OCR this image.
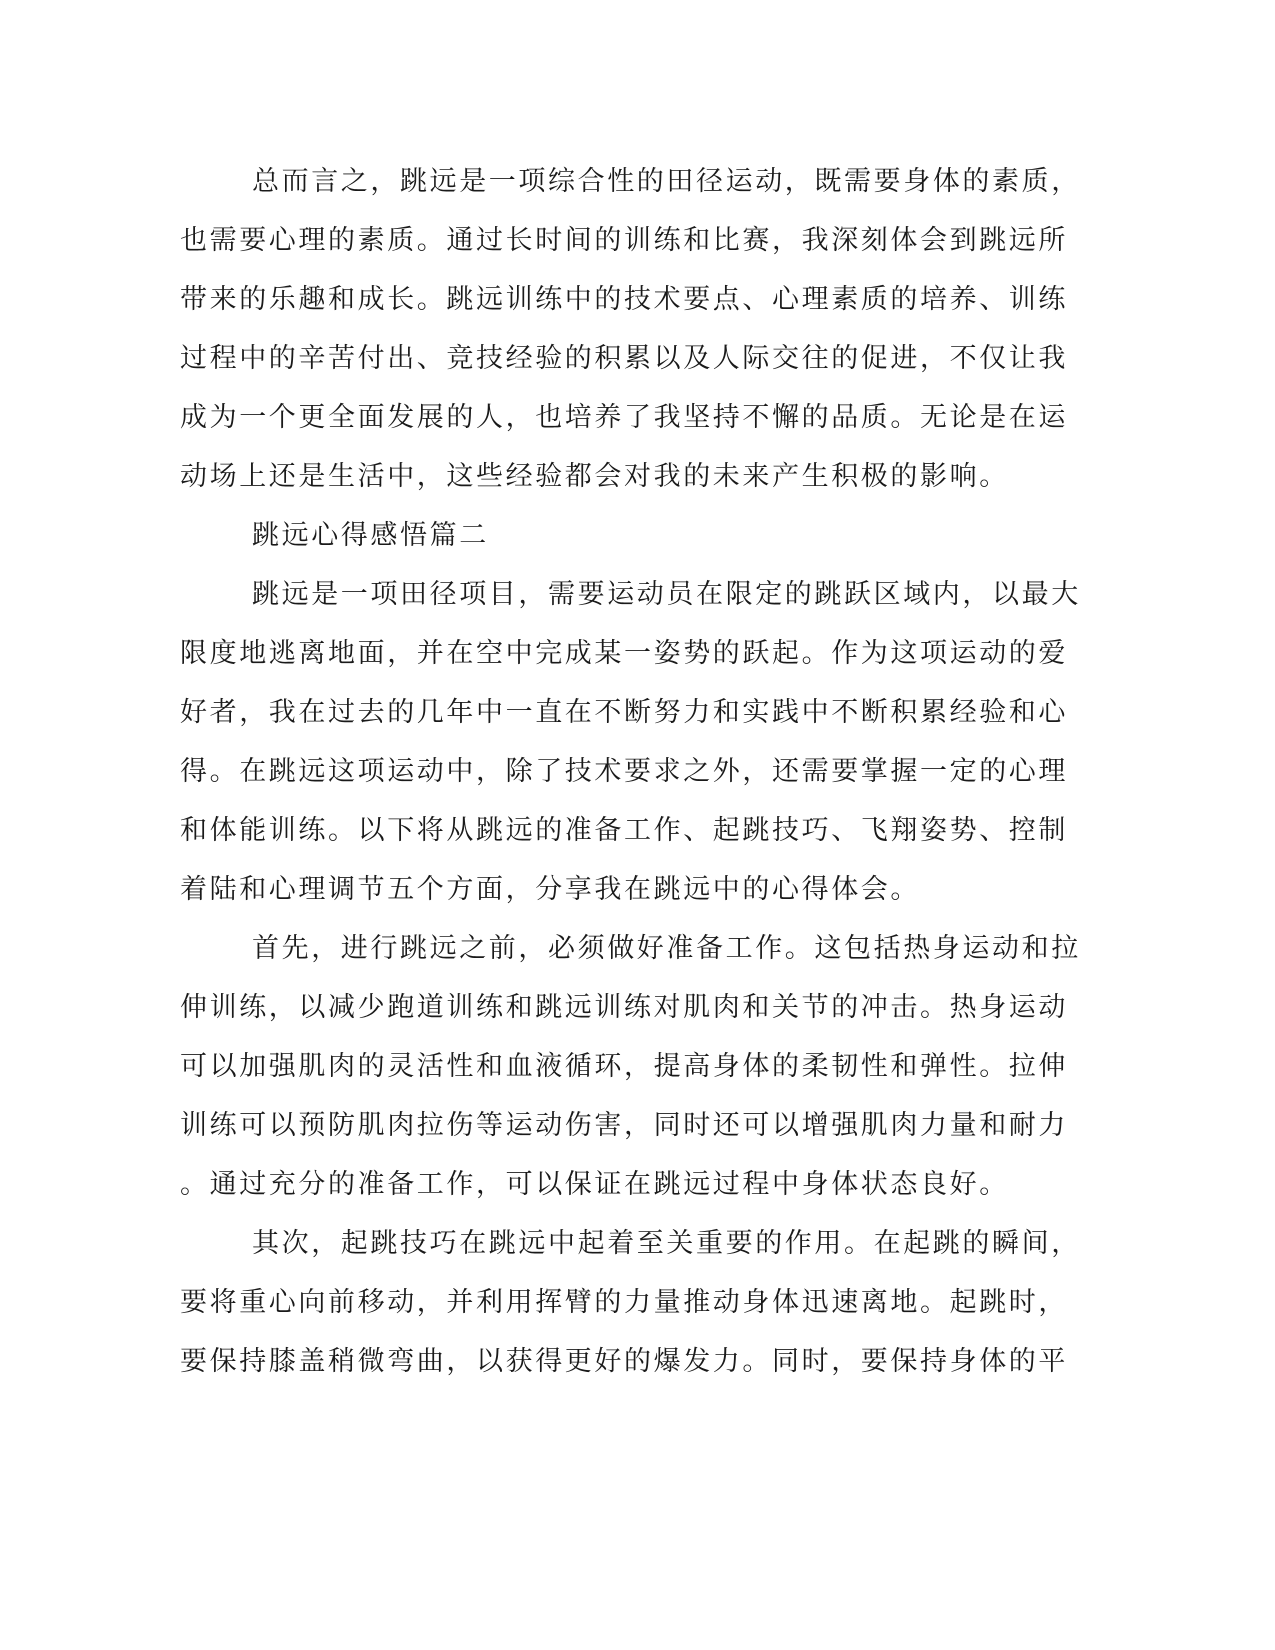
总而言之，跳远是一项综合性的田径运动，既需要身体的素质，
也需要心理的素质。通过长时间的训练和比赛，我深刻体会到跳远所
带来的乐趣和成长。跳远训练中的技术要点、心理素质的培养、训练
过程中的辛苦付出、竞技经验的积累以及人际交往的促进，不仅让我
成为一个更全面发展的人，也培养了我坚持不懈的品质。无论是在运
动场上还是生活中，这些经验都会对我的未来产生积极的影响。
跳远心得感悟篇二
跳远是一项田径项目，需要运动员在限定的跳跃区域内，以最大
限度地逃离地面，并在空中完成某一姿势的跃起。作为这项运动的爱
好者，我在过去的几年中一直在不断努力和实践中不断积累经验和心
得。在跳远这项运动中，除了技术要求之外，还需要掌握一定的心理
和体能训练。以下将从跳远的准备工作、起跳技巧、飞翔姿势、控制
着陆和心理调节五个方面，分享我在跳远中的心得体会。
首先，进行跳远之前，必须做好准备工作。这包括热身运动和拉
伸训练，以减少跑道训练和跳远训练对肌肉和关节的冲击。热身运动
可以加强肌肉的灵活性和血液循环，提高身体的柔韧性和弹性。拉伸
训练可以预防肌肉拉伤等运动伤害，同时还可以增强肌肉力量和耐力
。通过充分的准备工作，可以保证在跳远过程中身体状态良好。
其次，起跳技巧在跳远中起着至关重要的作用。在起跳的瞬间，
要将重心向前移动，并利用挥臂的力量推动身体迅速离地。起跳时，
要保持膝盖稍微弯曲，以获得更好的爆发力。同时，要保持身体的平
